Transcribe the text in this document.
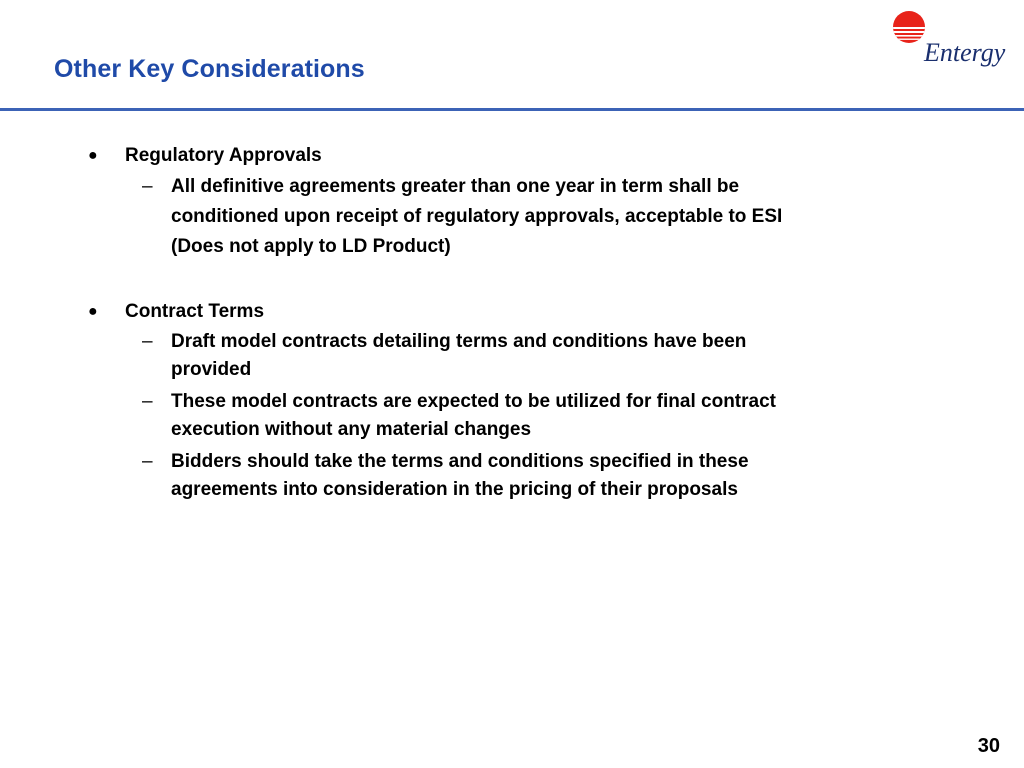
Other Key Considerations
Entergy
● Regulatory Approvals
– All definitive agreements greater than one year in term shall be
conditioned upon receipt of regulatory approvals, acceptable to ESI
(Does not apply to LD Product)
● Contract Terms
– Draft model contracts detailing terms and conditions have been
provided
– These model contracts are expected to be utilized for final contract
execution without any material changes
– Bidders should take the terms and conditions specified in these
agreements into consideration in the pricing of their proposals
30
